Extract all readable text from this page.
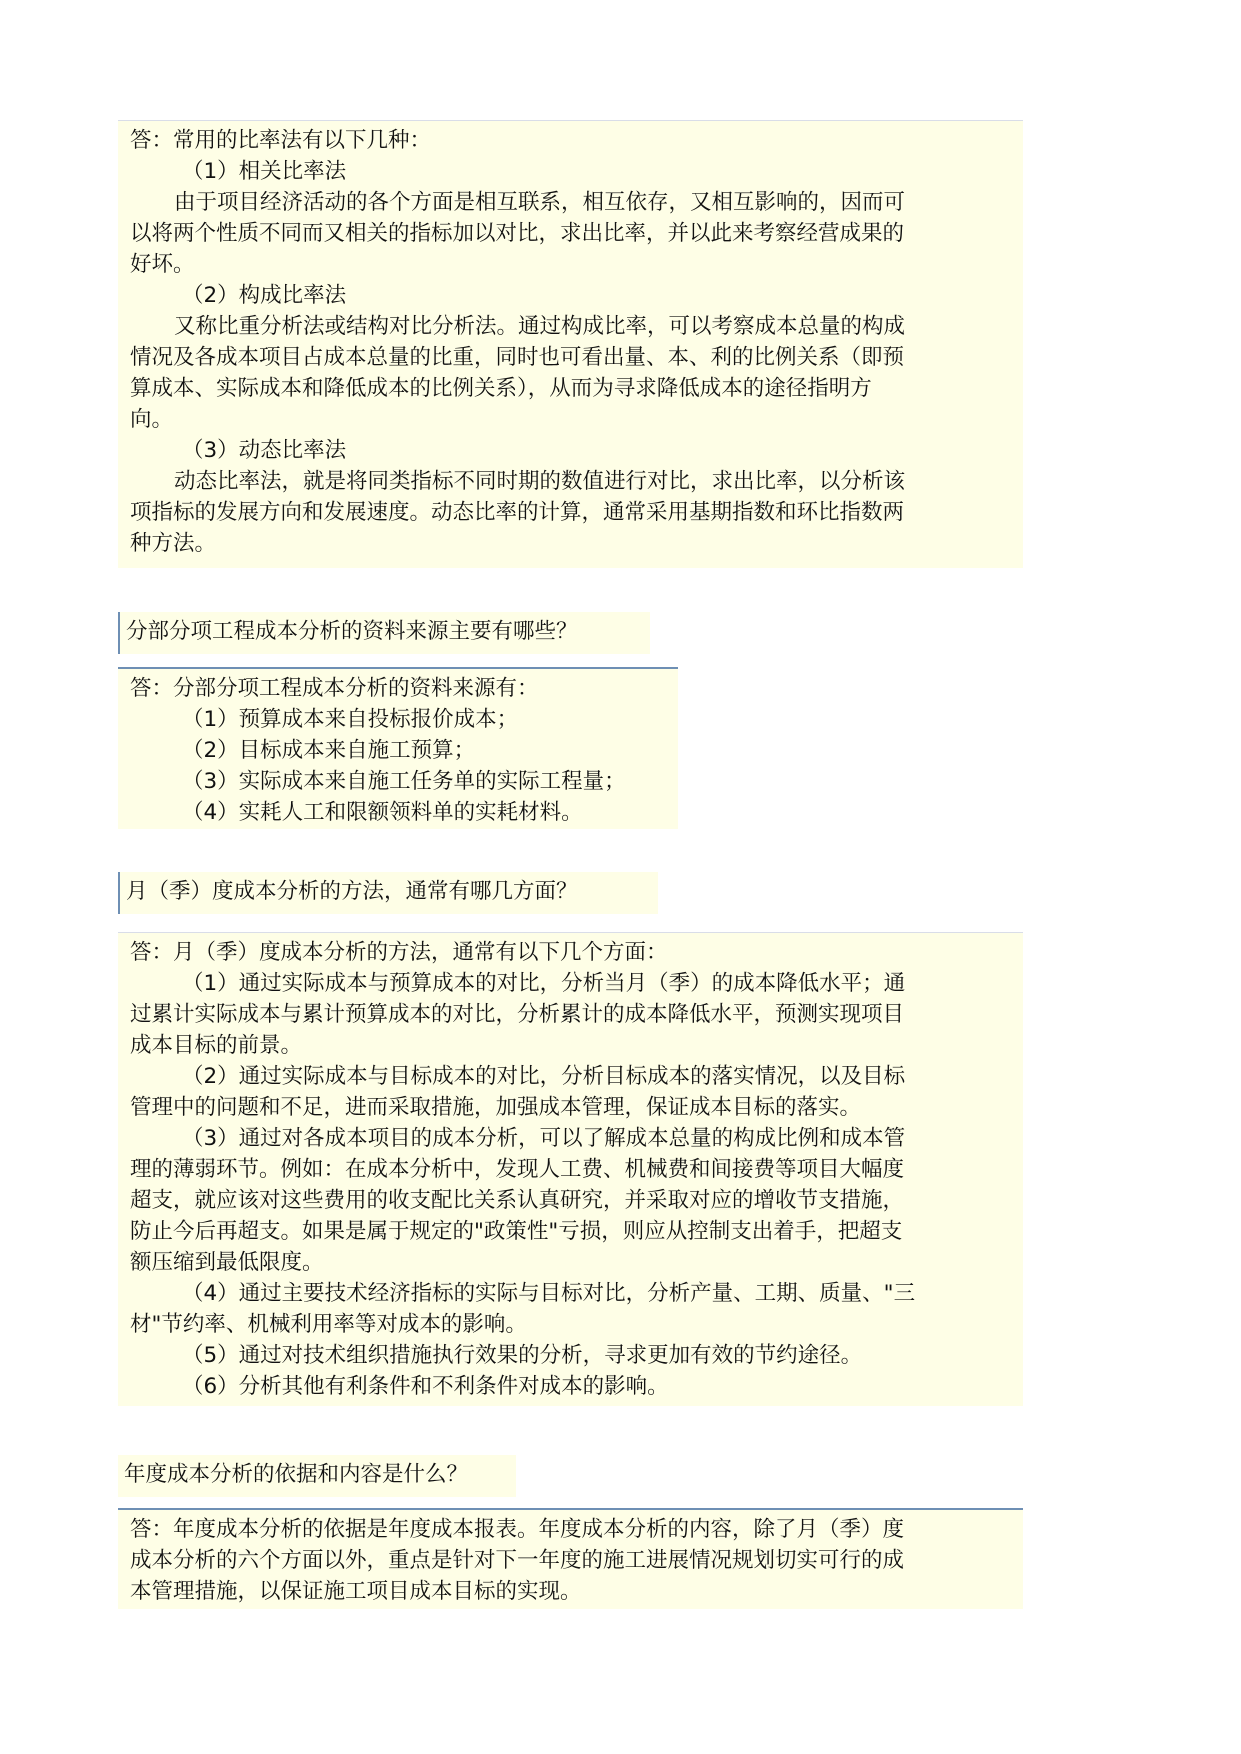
答：常用的比率法有以下几种：

（1）相关比率法

由于项目经济活动的各个方面是相互联系，相互依存，又相互影响的，因而可

以将两个性质不同而又相关的指标加以对比，求出比率，并以此来考察经营成果的

好坏。

（2）构成比率法

又称比重分析法或结构对比分析法。通过构成比率，可以考察成本总量的构成

情况及各成本项目占成本总量的比重，同时也可看出量、本、利的比例关系（即预

算成本、实际成本和降低成本的比例关系），从而为寻求降低成本的途径指明方

向。

（3）动态比率法

动态比率法，就是将同类指标不同时期的数值进行对比，求出比率，以分析该

项指标的发展方向和发展速度。动态比率的计算，通常采用基期指数和环比指数两

种方法。

分部分项工程成本分析的资料来源主要有哪些？

答：分部分项工程成本分析的资料来源有：

（1）预算成本来自投标报价成本；

（2）目标成本来自施工预算；

（3）实际成本来自施工任务单的实际工程量；

（4）实耗人工和限额领料单的实耗材料。

月（季）度成本分析的方法，通常有哪几方面？

答：月（季）度成本分析的方法，通常有以下几个方面：

（1）通过实际成本与预算成本的对比，分析当月（季）的成本降低水平；通

过累计实际成本与累计预算成本的对比，分析累计的成本降低水平，预测实现项目

成本目标的前景。

（2）通过实际成本与目标成本的对比，分析目标成本的落实情况，以及目标

管理中的问题和不足，进而采取措施，加强成本管理，保证成本目标的落实。

（3）通过对各成本项目的成本分析，可以了解成本总量的构成比例和成本管

理的薄弱环节。例如：在成本分析中，发现人工费、机械费和间接费等项目大幅度

超支，就应该对这些费用的收支配比关系认真研究，并采取对应的增收节支措施，

防止今后再超支。如果是属于规定的"政策性"亏损，则应从控制支出着手，把超支

额压缩到最低限度。

（4）通过主要技术经济指标的实际与目标对比，分析产量、工期、质量、"三

材"节约率、机械利用率等对成本的影响。

（5）通过对技术组织措施执行效果的分析，寻求更加有效的节约途径。

（6）分析其他有利条件和不利条件对成本的影响。

年度成本分析的依据和内容是什么？

答：年度成本分析的依据是年度成本报表。年度成本分析的内容，除了月（季）度

成本分析的六个方面以外，重点是针对下一年度的施工进展情况规划切实可行的成

本管理措施，以保证施工项目成本目标的实现。
